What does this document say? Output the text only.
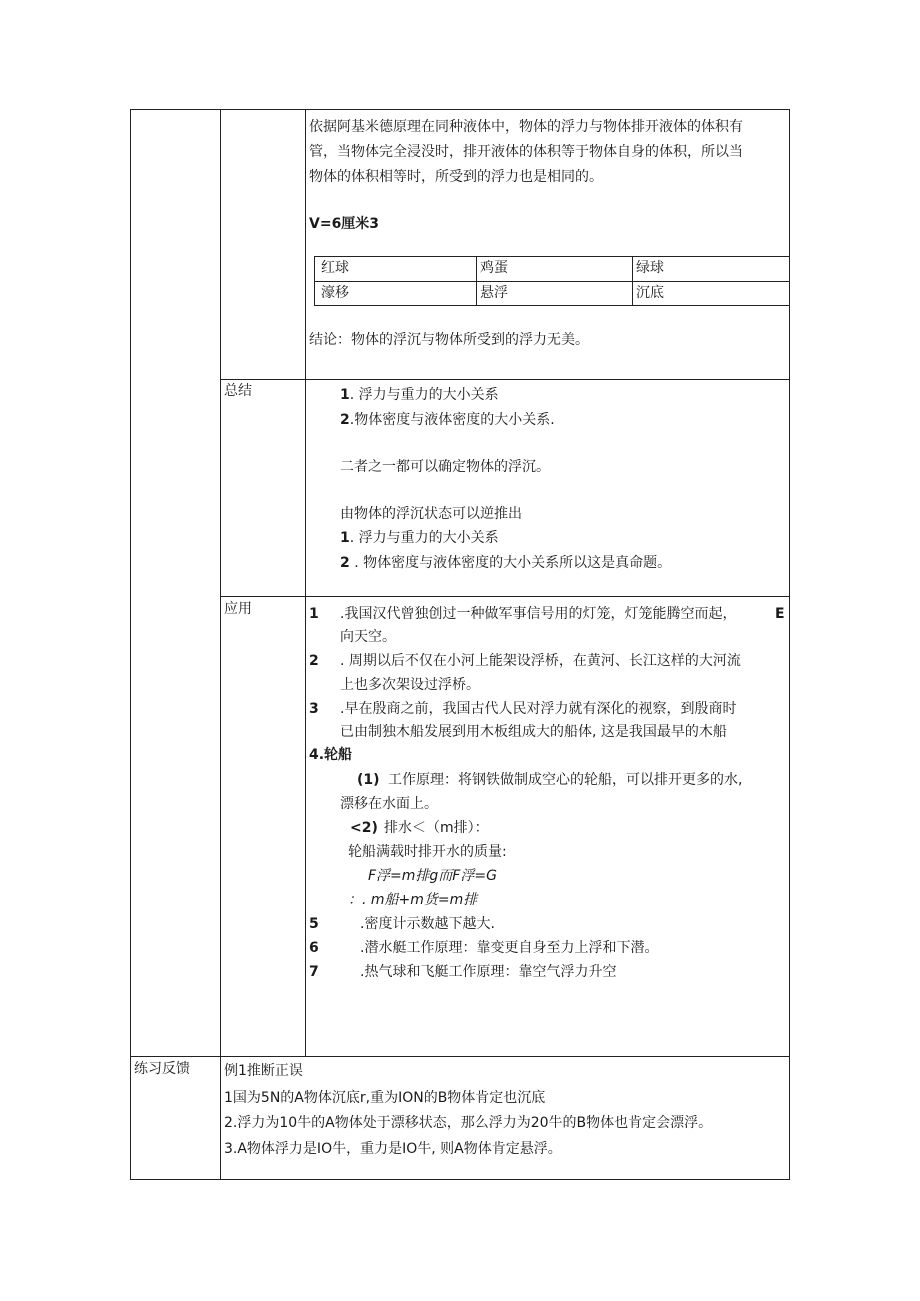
依据阿基米德原理在同种液体中，物体的浮力与物体排开液体的体积有
管，当物体完全浸没时，排开液体的体积等于物体自身的体积，所以当
物体的体积相等时，所受到的浮力也是相同的。
V=6厘米3
红球	鸡蛋	绿球
濠移	悬浮	沉底
结论：物体的浮沉与物体所受到的浮力无美。
总结	1. 浮力与重力的大小关系
2.物体密度与液体密度的大小关系.
二者之一都可以确定物体的浮沉。
由物体的浮沉状态可以逆推出
1. 浮力与重力的大小关系
2 . 物体密度与液体密度的大小关系所以这是真命题。
应用	1 .我国汉代曾独创过一种做军事信号用的灯笼，灯笼能腾空而起，	E
向天空。
2 . 周期以后不仅在小河上能架设浮桥，在黄河、长江这样的大河流
上也多次架设过浮桥。
3 .早在殷商之前，我国古代人民对浮力就有深化的视察，到殷商时
已由制独木船发展到用木板组成大的船体, 这是我国最早的木船
4.轮船
(1) 工作原理：将钢铁做制成空心的轮船，可以排开更多的水,
漂移在水面上。
<2) 排水＜（m排）：
轮船满载时排开水的质量:
F浮=m排g而F浮=G
：. m船+m货=m排
5	.密度计示数越下越大.
6	.潜水艇工作原理：靠变更自身至力上浮和下潜。
7	.热气球和飞艇工作原理：靠空气浮力升空
练习反馈 例1推断正误
1国为5N的A物体沉底r,重为ION的B物体肯定也沉底
2.浮力为10牛的A物体处于漂移状态，那么浮力为20牛的B物体也肯定会漂浮。
3.A物体浮力是IO牛，重力是IO牛, 则A物体肯定悬浮。
